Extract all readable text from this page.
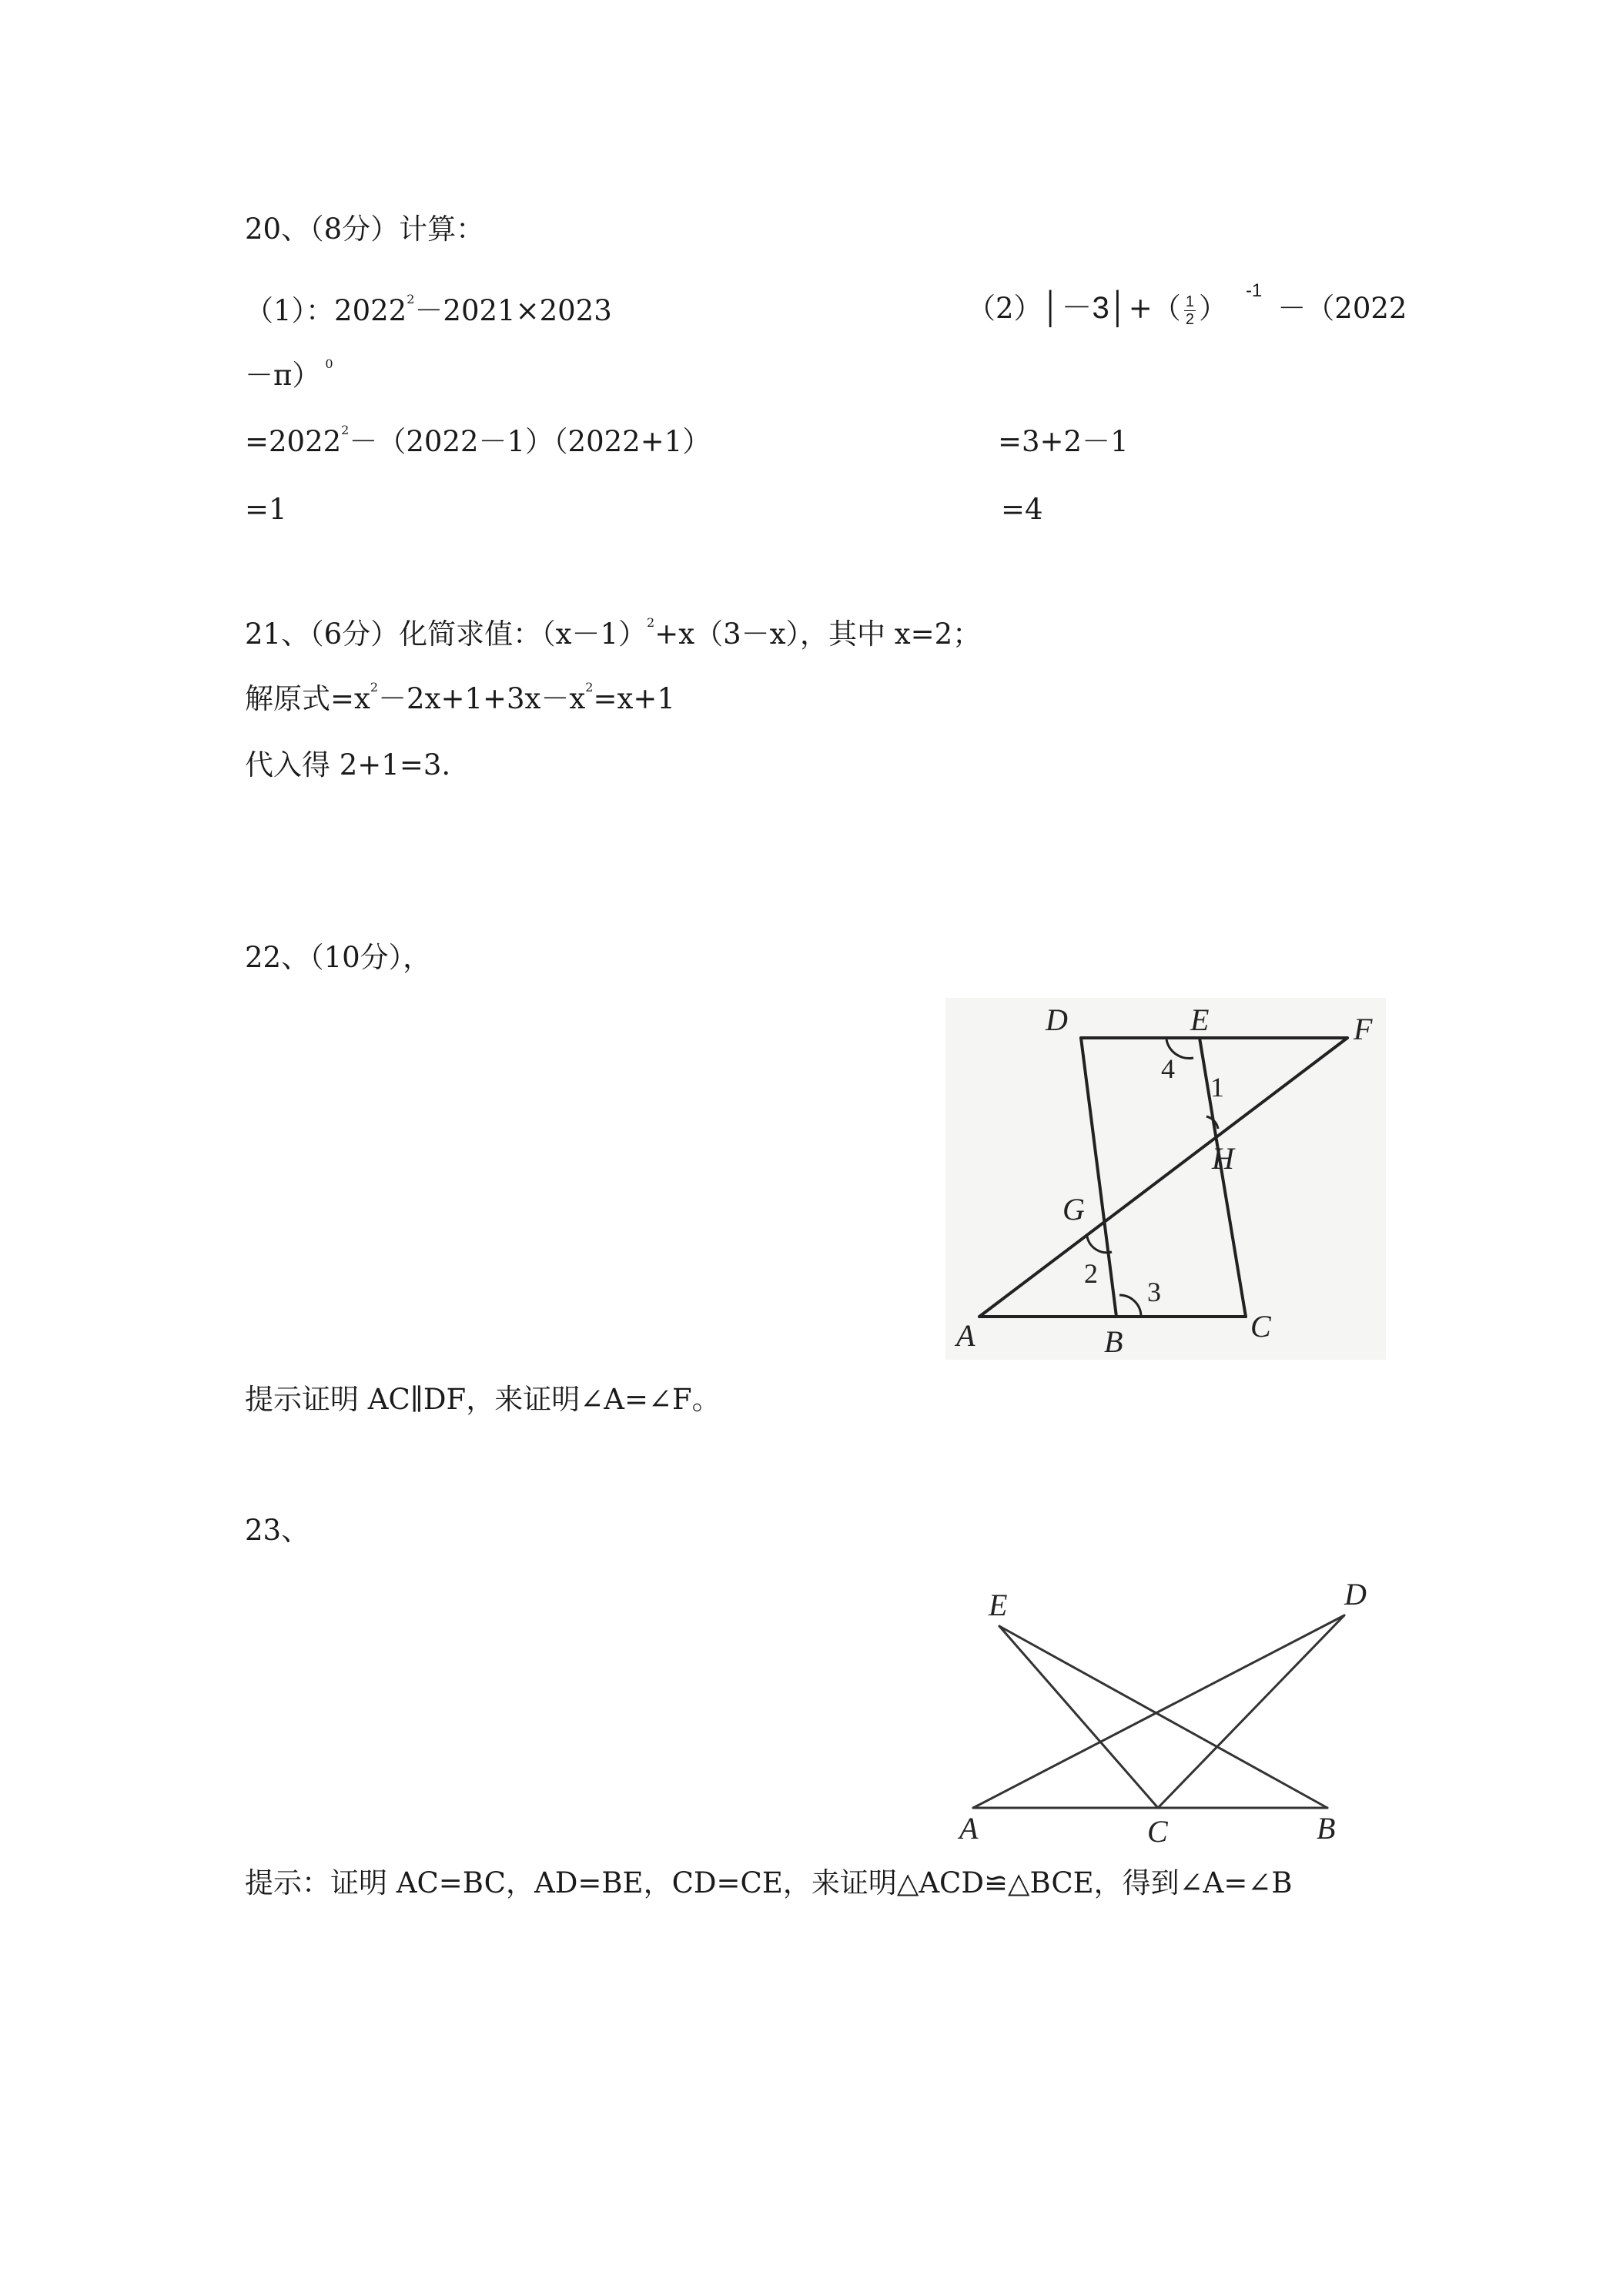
20、（8分）计算：
（1）：$2022^2-2021\times 2023$	（2）│－3│+（ $\frac{1}{2} )^{-1}-(2022$
－π） $^0$
$=2022^2-(2022-1)(2022+1)$	=3+2－1
=1	=4
21、（6分）化简求值：$(x-1)^2+x(3-x)$，其中 x=2；
解原式$=x^2-2x+1+3x-x^2=x+1$
代入得 2+1=3.
22、（10分），
D	E	F
H
G
A	B	C
1
2
3
4
提示证明 AC∥DF，来证明∠A=∠F。
23、
E	D
A	C	B
提示：证明 AC=BC，AD=BE，CD=CE，来证明△ACD≌△BCE，得到∠A=∠B
